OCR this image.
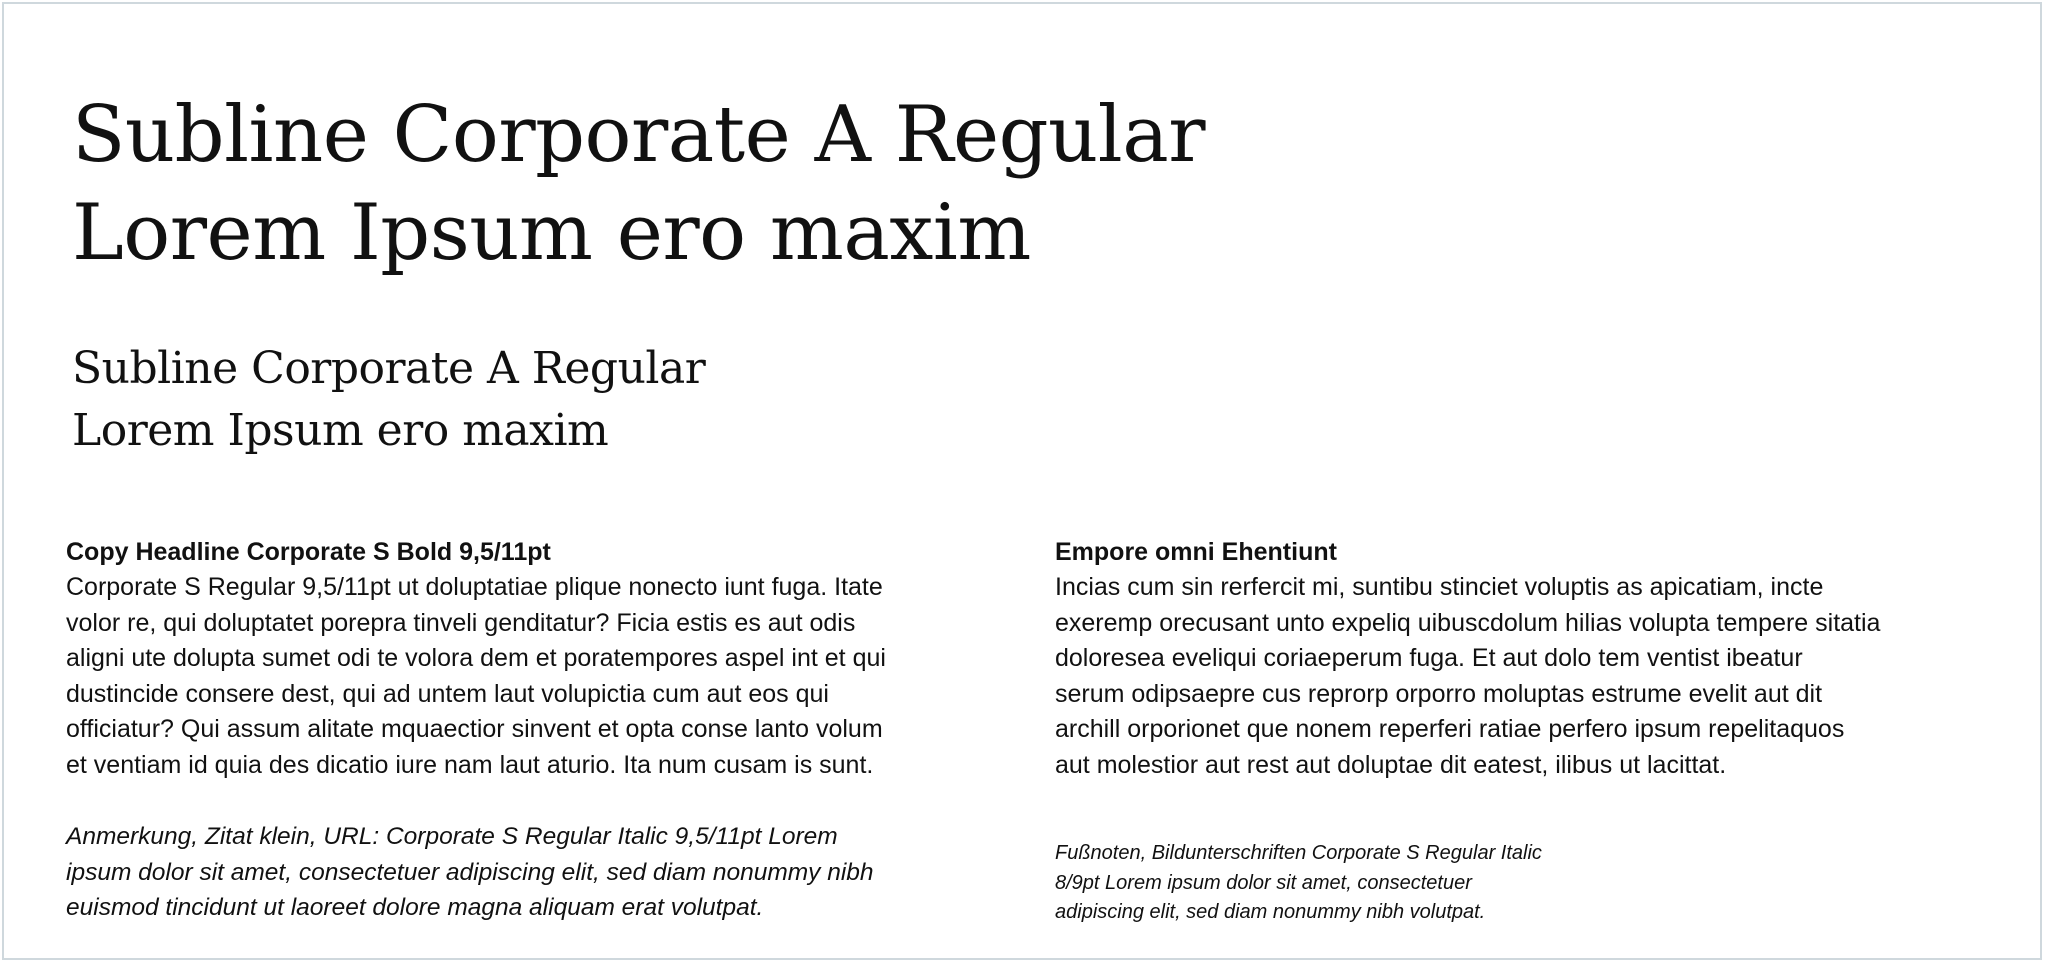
Subline Corporate A Regular
Lorem Ipsum ero maxim
Subline Corporate A Regular
Lorem Ipsum ero maxim

Copy Headline Corporate S Bold 9,5/11pt

Corporate S Regular 9,5/11pt ut doluptatiae plique nonecto iunt fuga. Itate
volor re, qui doluptatet porepra tinveli genditatur? Ficia estis es aut odis
aligni ute dolupta sumet odi te volora dem et poratempores aspel int et qui
dustincide consere dest, qui ad untem laut volupictia cum aut eos qui
officiatur? Qui assum alitate mquaectior sinvent et opta conse lanto volum
et ventiam id quia des dicatio iure nam laut aturio. Ita num cusam is sunt.

Empore omni Ehentiunt

Incias cum sin rerfercit mi, suntibu stinciet voluptis as apicatiam, incte
exeremp orecusant unto expeliq uibuscdolum hilias volupta tempere sitatia
doloresea eveliqui coriaeperum fuga. Et aut dolo tem ventist ibeatur
serum odipsaepre cus reprorp orporro moluptas estrume evelit aut dit
archill orporionet que nonem reperferi ratiae perfero ipsum repelitaquos
aut molestior aut rest aut doluptae dit eatest, ilibus ut lacittat.

Anmerkung, Zitat klein, URL: Corporate S Regular Italic 9,5/11pt Lorem
ipsum dolor sit amet, consectetuer adipiscing elit, sed diam nonummy nibh
euismod tincidunt ut laoreet dolore magna aliquam erat volutpat.

Fußnoten, Bildunterschriften Corporate S Regular Italic
8/9pt Lorem ipsum dolor sit amet, consectetuer
adipiscing elit, sed diam nonummy nibh volutpat.
